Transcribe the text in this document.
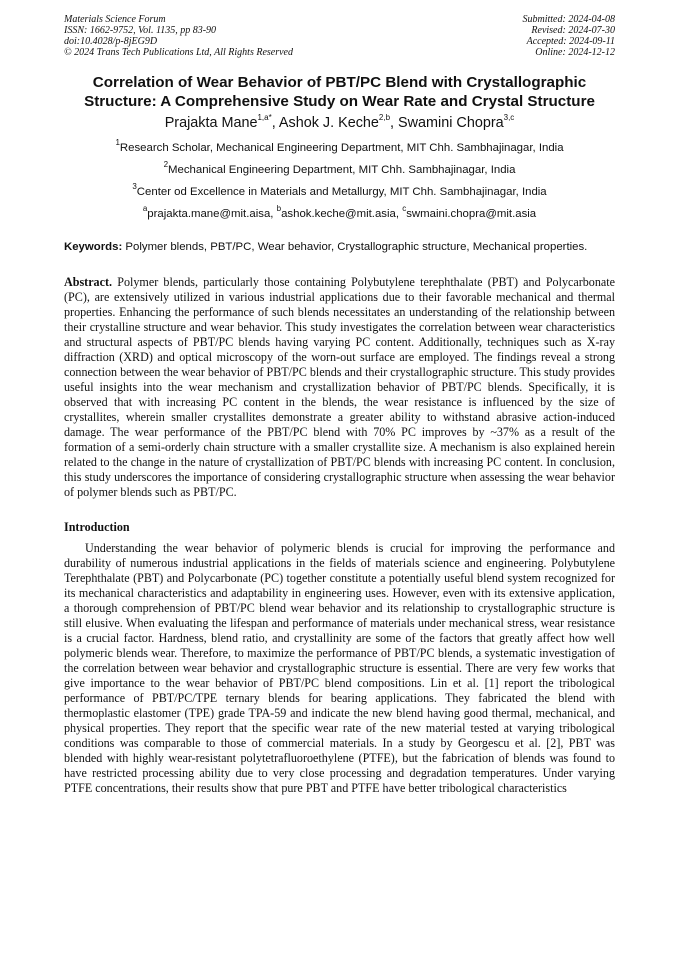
Materials Science Forum
ISSN: 1662-9752, Vol. 1135, pp 83-90
doi:10.4028/p-8jEG9D
© 2024 Trans Tech Publications Ltd, All Rights Reserved
Submitted: 2024-04-08
Revised: 2024-07-30
Accepted: 2024-09-11
Online: 2024-12-12
Correlation of Wear Behavior of PBT/PC Blend with Crystallographic
Structure: A Comprehensive Study on Wear Rate and Crystal Structure
Prajakta Mane$^{1,a*}$, Ashok J. Keche$^{2,b}$, Swamini Chopra$^{3,c}$
$^1$Research Scholar, Mechanical Engineering Department, MIT Chh. Sambhajinagar, India
$^2$Mechanical Engineering Department, MIT Chh. Sambhajinagar, India
$^3$Center od Excellence in Materials and Metallurgy, MIT Chh. Sambhajinagar, India
$^a$prajakta.mane@mit.aisa, $^b$ashok.keche@mit.asia, $^c$swmaini.chopra@mit.asia
Keywords: Polymer blends, PBT/PC, Wear behavior, Crystallographic structure, Mechanical properties.
Abstract. Polymer blends, particularly those containing Polybutylene terephthalate (PBT) and Polycarbonate (PC), are extensively utilized in various industrial applications due to their favorable mechanical and thermal properties. Enhancing the performance of such blends necessitates an understanding of the relationship between their crystalline structure and wear behavior. This study investigates the correlation between wear characteristics and structural aspects of PBT/PC blends having varying PC content. Additionally, techniques such as X-ray diffraction (XRD) and optical microscopy of the worn-out surface are employed. The findings reveal a strong connection between the wear behavior of PBT/PC blends and their crystallographic structure. This study provides useful insights into the wear mechanism and crystallization behavior of PBT/PC blends. Specifically, it is observed that with increasing PC content in the blends, the wear resistance is influenced by the size of crystallites, wherein smaller crystallites demonstrate a greater ability to withstand abrasive action-induced damage. The wear performance of the PBT/PC blend with 70% PC improves by ~37% as a result of the formation of a semi-orderly chain structure with a smaller crystallite size. A mechanism is also explained herein related to the change in the nature of crystallization of PBT/PC blends with increasing PC content. In conclusion, this study underscores the importance of considering crystallographic structure when assessing the wear behavior of polymer blends such as PBT/PC.
Introduction
Understanding the wear behavior of polymeric blends is crucial for improving the performance and durability of numerous industrial applications in the fields of materials science and engineering. Polybutylene Terephthalate (PBT) and Polycarbonate (PC) together constitute a potentially useful blend system recognized for its mechanical characteristics and adaptability in engineering uses. However, even with its extensive application, a thorough comprehension of PBT/PC blend wear behavior and its relationship to crystallographic structure is still elusive. When evaluating the lifespan and performance of materials under mechanical stress, wear resistance is a crucial factor. Hardness, blend ratio, and crystallinity are some of the factors that greatly affect how well polymeric blends wear. Therefore, to maximize the performance of PBT/PC blends, a systematic investigation of the correlation between wear behavior and crystallographic structure is essential. There are very few works that give importance to the wear behavior of PBT/PC blend compositions. Lin et al. [1] report the tribological performance of PBT/PC/TPE ternary blends for bearing applications. They fabricated the blend with thermoplastic elastomer (TPE) grade TPA-59 and indicate the new blend having good thermal, mechanical, and physical properties. They report that the specific wear rate of the new material tested at varying tribological conditions was comparable to those of commercial materials. In a study by Georgescu et al. [2], PBT was blended with highly wear-resistant polytetrafluoroethylene (PTFE), but the fabrication of blends was found to have restricted processing ability due to very close processing and degradation temperatures. Under varying PTFE concentrations, their results show that pure PBT and PTFE have better tribological characteristics
